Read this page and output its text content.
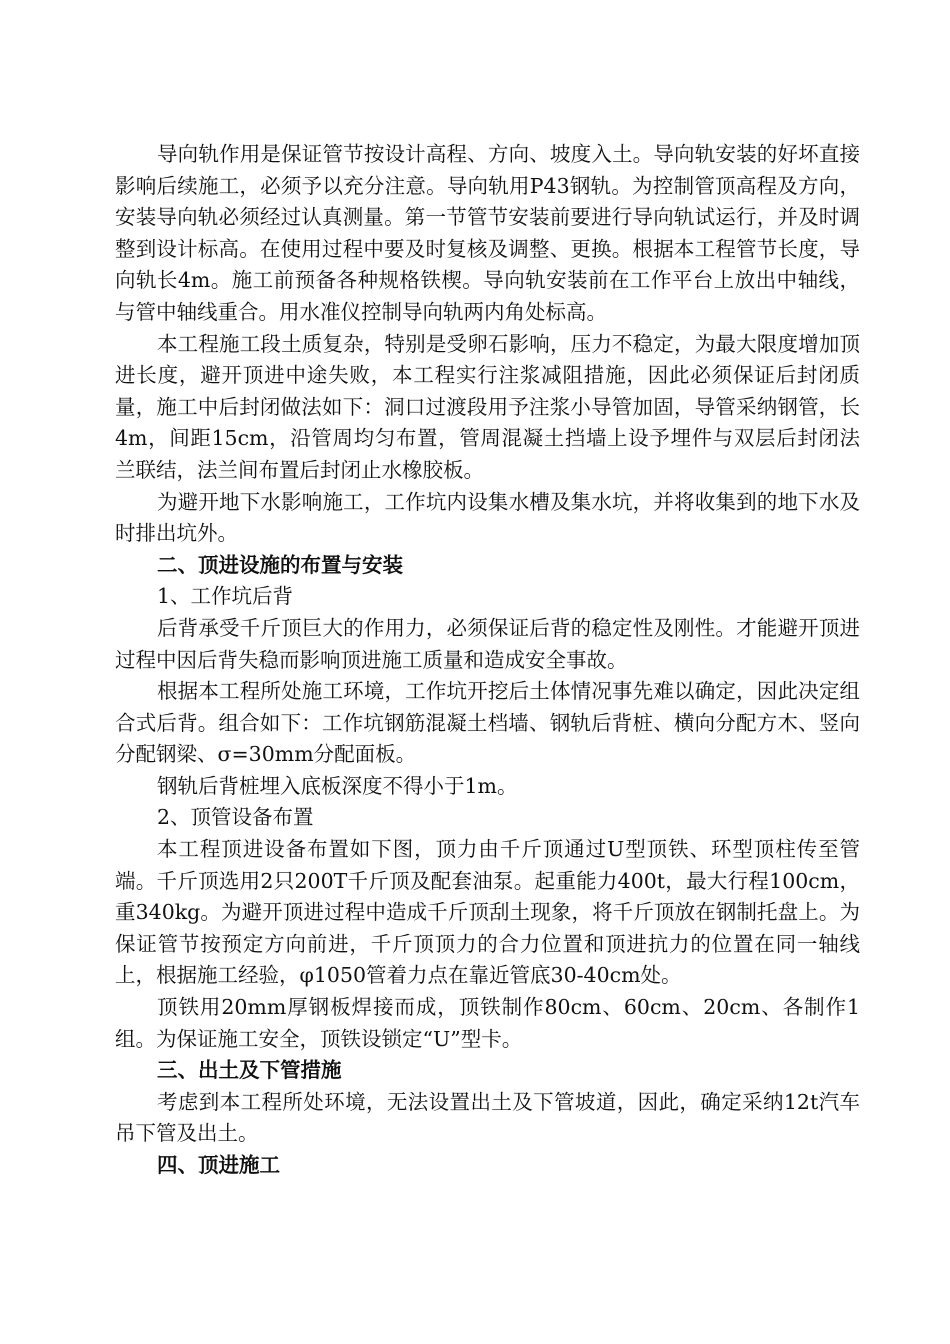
导向轨作用是保证管节按设计高程、方向、坡度入土。导向轨安装的好坏直接影响后续施工，必须予以充分注意。导向轨用P43钢轨。为控制管顶高程及方向，安装导向轨必须经过认真测量。第一节管节安装前要进行导向轨试运行，并及时调整到设计标高。在使用过程中要及时复核及调整、更换。根据本工程管节长度，导向轨长4m。施工前预备各种规格铁楔。导向轨安装前在工作平台上放出中轴线，与管中轴线重合。用水准仪控制导向轨两内角处标高。

本工程施工段土质复杂，特别是受卵石影响，压力不稳定，为最大限度增加顶进长度，避开顶进中途失败，本工程实行注浆减阻措施，因此必须保证后封闭质量，施工中后封闭做法如下：洞口过渡段用予注浆小导管加固，导管采纳钢管，长4m，间距15cm，沿管周均匀布置，管周混凝土挡墙上设予埋件与双层后封闭法兰联结，法兰间布置后封闭止水橡胶板。

为避开地下水影响施工，工作坑内设集水槽及集水坑，并将收集到的地下水及时排出坑外。

二、顶进设施的布置与安装

1、工作坑后背

后背承受千斤顶巨大的作用力，必须保证后背的稳定性及刚性。才能避开顶进过程中因后背失稳而影响顶进施工质量和造成安全事故。

根据本工程所处施工环境，工作坑开挖后土体情况事先难以确定，因此决定组合式后背。组合如下：工作坑钢筋混凝土档墙、钢轨后背桩、横向分配方木、竖向分配钢梁、σ=30mm分配面板。

钢轨后背桩埋入底板深度不得小于1m。

2、顶管设备布置

本工程顶进设备布置如下图，顶力由千斤顶通过U型顶铁、环型顶柱传至管端。千斤顶选用2只200T千斤顶及配套油泵。起重能力400t，最大行程100cm，重340kg。为避开顶进过程中造成千斤顶刮土现象，将千斤顶放在钢制托盘上。为保证管节按预定方向前进，千斤顶顶力的合力位置和顶进抗力的位置在同一轴线上，根据施工经验，φ1050管着力点在靠近管底30-40cm处。

顶铁用20mm厚钢板焊接而成，顶铁制作80cm、60cm、20cm、各制作1组。为保证施工安全，顶铁设锁定“U”型卡。

三、出土及下管措施

考虑到本工程所处环境，无法设置出土及下管坡道，因此，确定采纳12t汽车吊下管及出土。

四、顶进施工
